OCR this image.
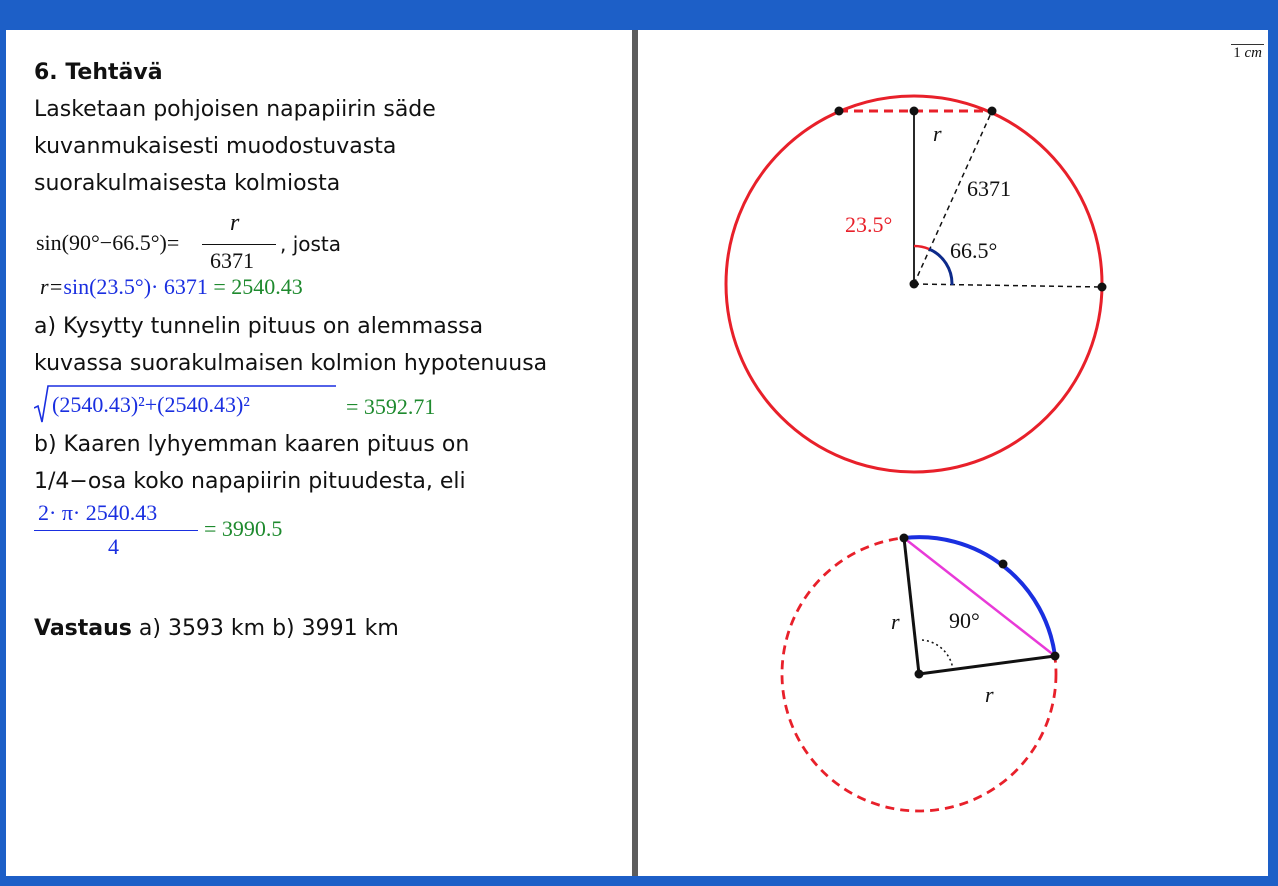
6. Tehtävä
Lasketaan pohjoisen napapiirin säde kuvanmukaisesti muodostuvasta suorakulmaisesta kolmiosta
sin(90°−66.5°)=
r
6371
, josta
r=sin(23.5°)· 6371 = 2540.43
a) Kysytty tunnelin pituus on alemmassa kuvassa suorakulmaisen kolmion hypotenuusa
(2540.43)²+(2540.43)²	= 3592.71
b) Kaaren lyhyemman kaaren pituus on 1/4−osa koko napapiirin pituudesta, eli
2· π· 2540.43
4
= 3990.5
Vastaus a) 3593 km b) 3991 km
1 cm
r
6371
23.5°
66.5°
r
r
90°
